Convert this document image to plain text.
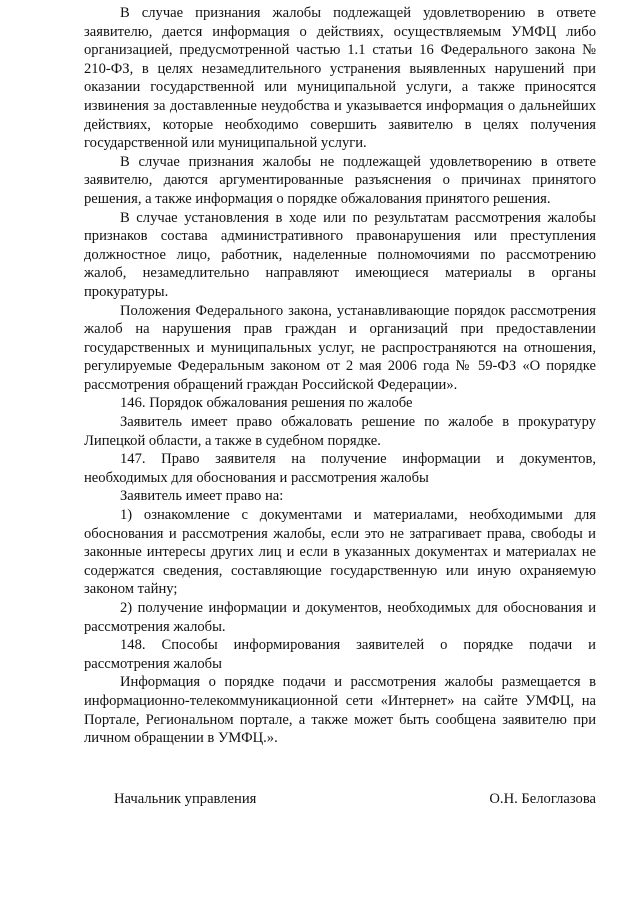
В случае признания жалобы подлежащей удовлетворению в ответе заявителю, дается информация о действиях, осуществляемым УМФЦ либо организацией, предусмотренной частью 1.1 статьи 16 Федерального закона № 210-ФЗ, в целях незамедлительного устранения выявленных нарушений при оказании государственной или муниципальной услуги, а также приносятся извинения за доставленные неудобства и указывается информация о дальнейших действиях, которые необходимо совершить заявителю в целях получения государственной или муниципальной услуги.

В случае признания жалобы не подлежащей удовлетворению в ответе заявителю, даются аргументированные разъяснения о причинах принятого решения, а также информация о порядке обжалования принятого решения.

В случае установления в ходе или по результатам рассмотрения жалобы признаков состава административного правонарушения или преступления должностное лицо, работник, наделенные полномочиями по рассмотрению жалоб, незамедлительно направляют имеющиеся материалы в органы прокуратуры.

Положения Федерального закона, устанавливающие порядок рассмотрения жалоб на нарушения прав граждан и организаций при предоставлении государственных и муниципальных услуг, не распространяются на отношения, регулируемые Федеральным законом от 2 мая 2006 года № 59-ФЗ «О порядке рассмотрения обращений граждан Российской Федерации».

146. Порядок обжалования решения по жалобе

Заявитель имеет право обжаловать решение по жалобе в прокуратуру Липецкой области, а также в судебном порядке.

147. Право заявителя на получение информации и документов, необходимых для обоснования и рассмотрения жалобы

Заявитель имеет право на:

1) ознакомление с документами и материалами, необходимыми для обоснования и рассмотрения жалобы, если это не затрагивает права, свободы и законные интересы других лиц и если в указанных документах и материалах не содержатся сведения, составляющие государственную или иную охраняемую законом тайну;

2) получение информации и документов, необходимых для обоснования и рассмотрения жалобы.

148. Способы информирования заявителей о порядке подачи и рассмотрения жалобы

Информация о порядке подачи и рассмотрения жалобы размещается в информационно-телекоммуникационной сети «Интернет» на сайте УМФЦ, на Портале, Региональном портале, а также может быть сообщена заявителю при личном обращении в УМФЦ.».

Начальник управления	О.Н. Белоглазова
